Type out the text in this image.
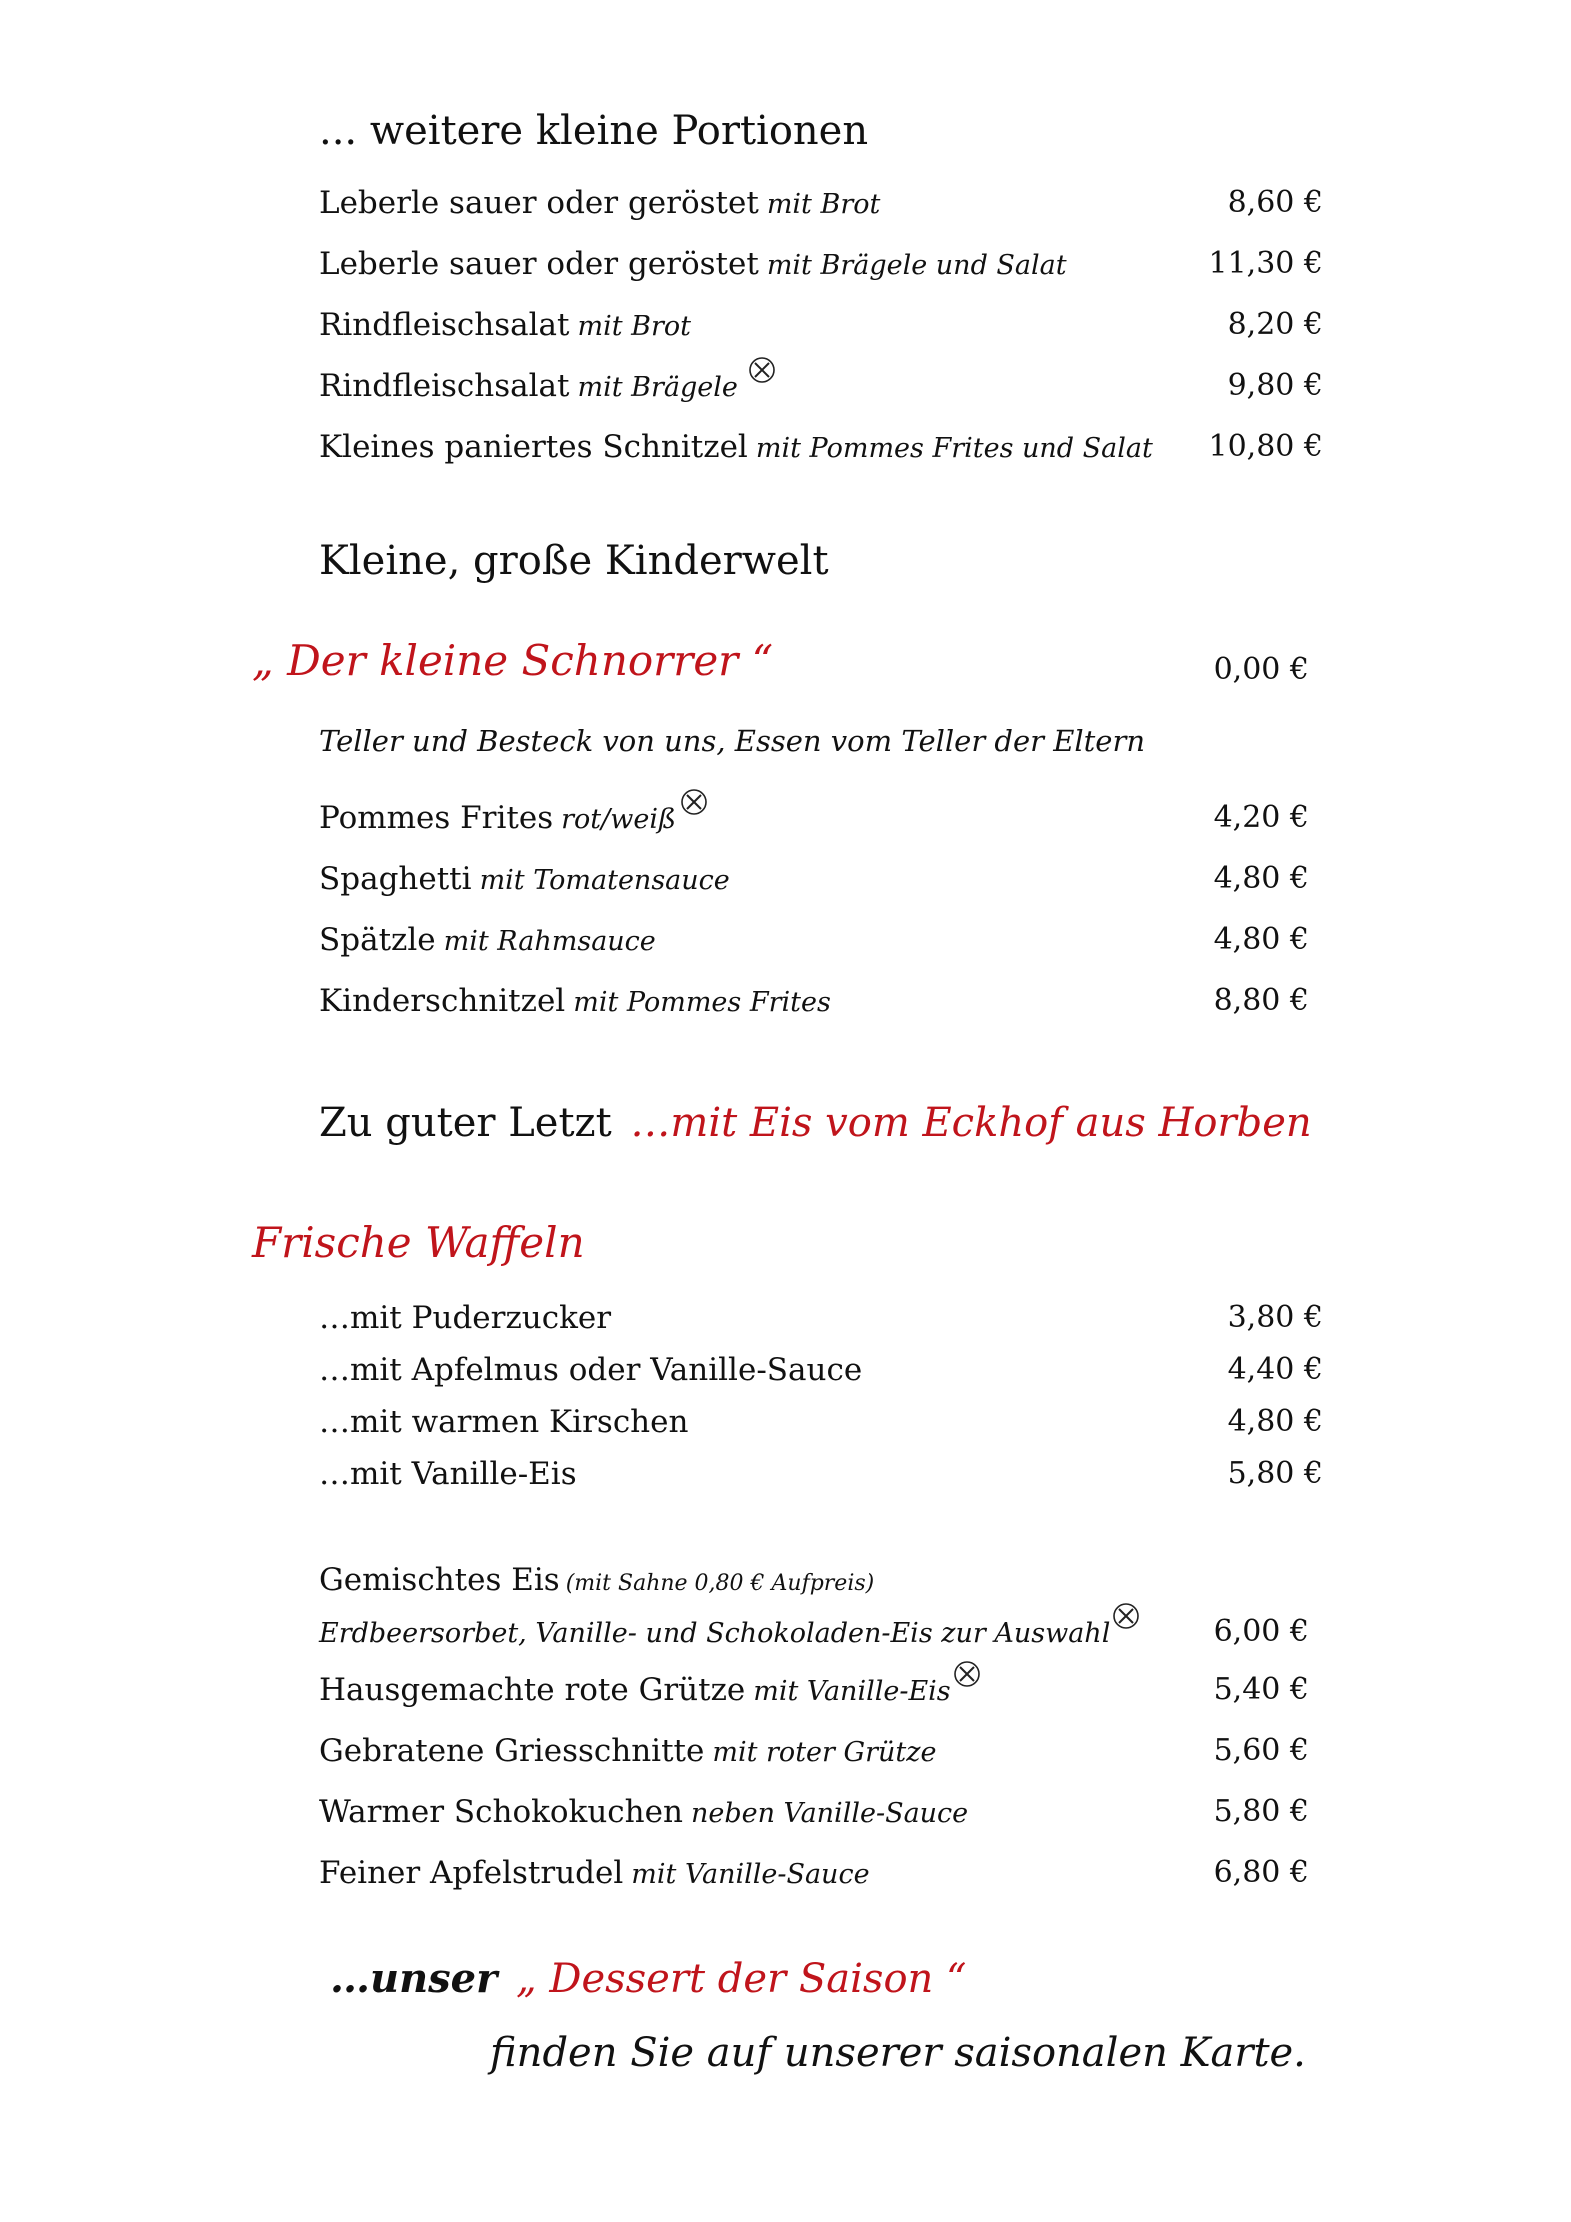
... weitere kleine Portionen
Leberle sauer oder geröstet mit Brot	8,60 €
Leberle sauer oder geröstet mit Brägele und Salat	11,30 €
Rindfleischsalat mit Brot	8,20 €
Rindfleischsalat mit Brägele	9,80 €
Kleines paniertes Schnitzel mit Pommes Frites und Salat 10,80 €
Kleine, große Kinderwelt
„ Der kleine Schnorrer “	0,00 €
Teller und Besteck von uns, Essen vom Teller der Eltern
Pommes Frites rot/weiß	4,20 €
Spaghetti mit Tomatensauce	4,80 €
Spätzle mit Rahmsauce	4,80 €
Kinderschnitzel mit Pommes Frites	8,80 €
Zu guter Letzt …mit Eis vom Eckhof aus Horben
Frische Waffeln
…mit Puderzucker	3,80 €
…mit Apfelmus oder Vanille-Sauce	4,40 €
…mit warmen Kirschen	4,80 €
…mit Vanille-Eis	5,80 €
Gemischtes Eis (mit Sahne 0,80 € Aufpreis)
Erdbeersorbet, Vanille- und Schokoladen-Eis zur Auswahl	6,00 €
Hausgemachte rote Grütze mit Vanille-Eis	5,40 €
Gebratene Griesschnitte mit roter Grütze	5,60 €
Warmer Schokokuchen neben Vanille-Sauce	5,80 €
Feiner Apfelstrudel mit Vanille-Sauce	6,80 €
…unser „ Dessert der Saison “
finden Sie auf unserer saisonalen Karte.
